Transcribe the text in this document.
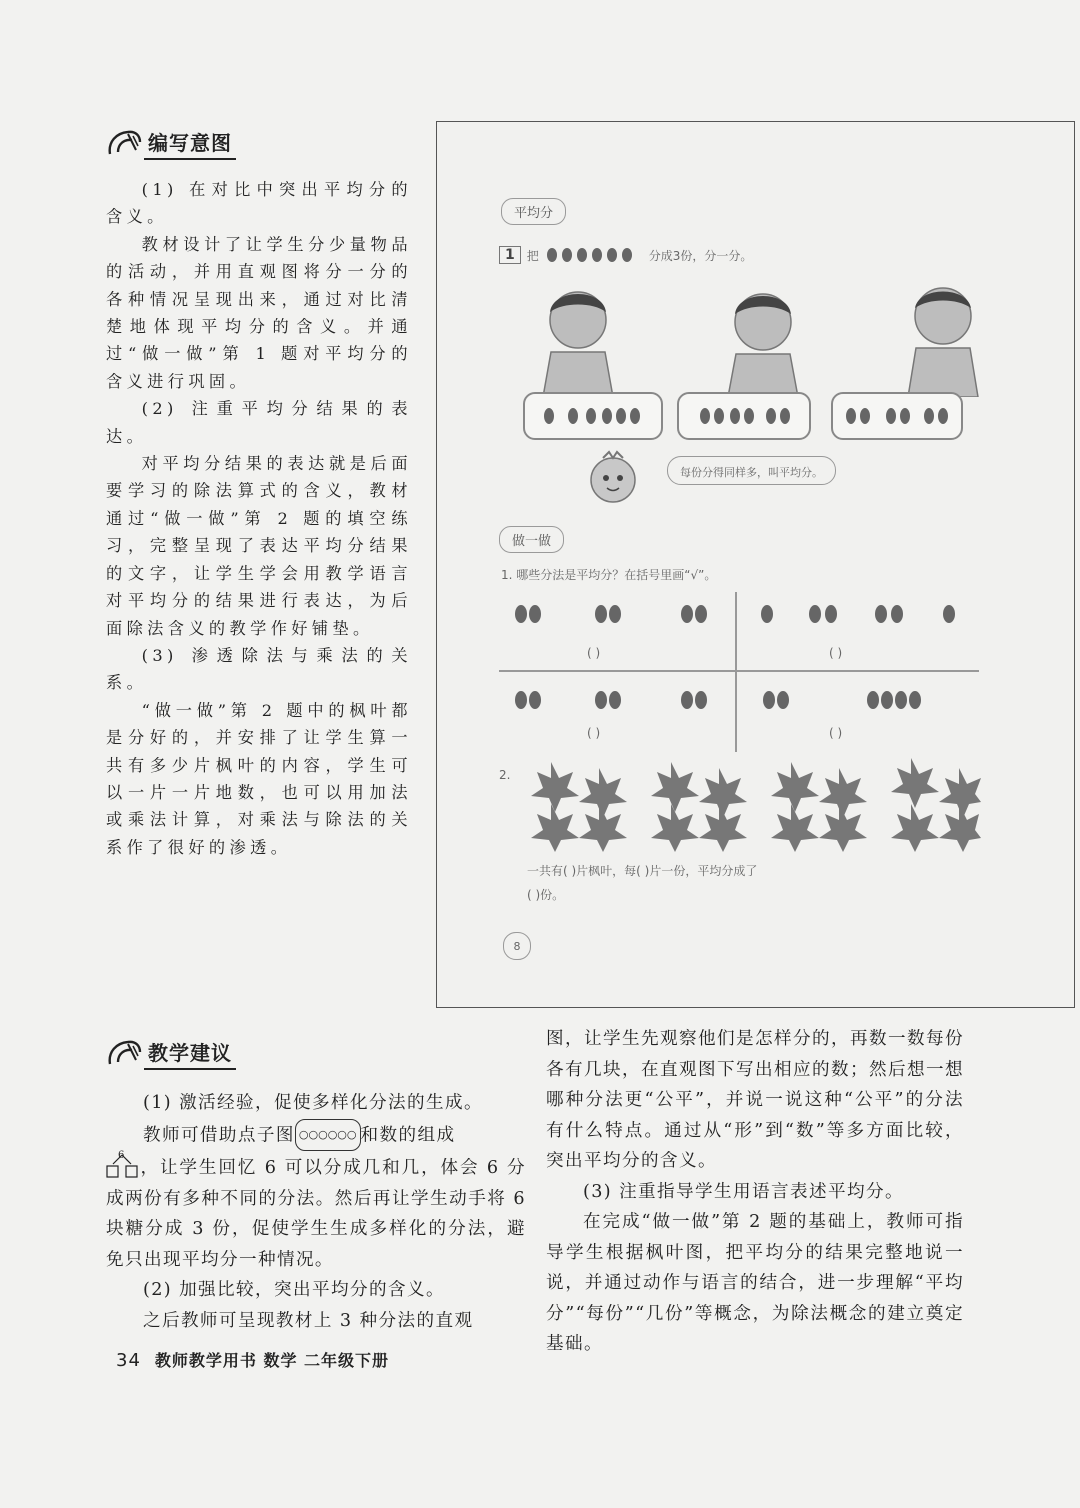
编写意图

(1) 在对比中突出平均分的含义。

教材设计了让学生分少量物品的活动，并用直观图将分一分的各种情况呈现出来，通过对比清楚地体现平均分的含义。并通过“做一做”第 1 题对平均分的含义进行巩固。

(2) 注重平均分结果的表达。

对平均分结果的表达就是后面要学习的除法算式的含义，教材通过“做一做”第 2 题的填空练习，完整呈现了表达平均分结果的文字，让学生学会用教学语言对平均分的结果进行表达，为后面除法含义的教学作好铺垫。

(3) 渗透除法与乘法的关系。

“做一做”第 2 题中的枫叶都是分好的，并安排了让学生算一共有多少片枫叶的内容，学生可以一片一片地数，也可以用加法或乘法计算，对乘法与除法的关系作了很好的渗透。

平均分
1	把	分成3份，分一分。
每份分得同样多，叫平均分。
做一做
1. 哪些分法是平均分？在括号里画“√”。
( )	( )
( )	( )
2.
一共有( )片枫叶，每( )片一份，平均分成了
( )份。
8
教学建议

(1) 激活经验，促使多样化分法的生成。

教师可借助点子图 ○○○○○○ 和数的组成

6
，让学生回忆 6 可以分成几和几，体会 6 分成两份有多种不同的分法。然后再让学生动手将 6 块糖分成 3 份，促使学生生成多样化的分法，避免只出现平均分一种情况。

(2) 加强比较，突出平均分的含义。

之后教师可呈现教材上 3 种分法的直观

图，让学生先观察他们是怎样分的，再数一数每份各有几块，在直观图下写出相应的数；然后想一想哪种分法更“公平”，并说一说这种“公平”的分法有什么特点。通过从“形”到“数”等多方面比较，突出平均分的含义。

(3) 注重指导学生用语言表述平均分。

在完成“做一做”第 2 题的基础上，教师可指导学生根据枫叶图，把平均分的结果完整地说一说，并通过动作与语言的结合，进一步理解“平均分”“每份”“几份”等概念，为除法概念的建立奠定基础。

34 教师教学用书 数学 二年级下册
